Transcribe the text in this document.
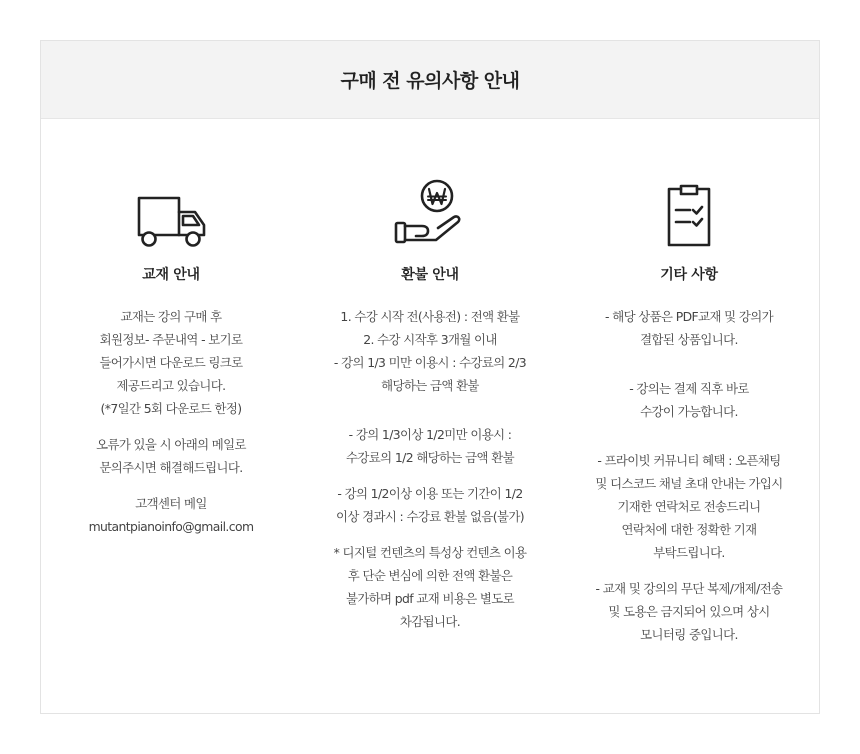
구매 전 유의사항 안내
교재 안내
교재는 강의 구매 후
회원정보- 주문내역 - 보기로
들어가시면 다운로드 링크로
제공드리고 있습니다.
(*7일간 5회 다운로드 한정)
오류가 있을 시 아래의 메일로
문의주시면 해결해드립니다.
고객센터 메일
mutantpianoinfo@gmail.com
환불 안내
1. 수강 시작 전(사용전) : 전액 환불
2. 수강 시작후 3개월 이내
- 강의 1/3 미만 이용시 : 수강료의 2/3
해당하는 금액 환불
- 강의 1/3이상 1/2미만 이용시 :
수강료의 1/2 해당하는 금액 환불
- 강의 1/2이상 이용 또는 기간이 1/2
이상 경과시 : 수강료 환불 없음(불가)
* 디지털 컨텐츠의 특성상 컨텐츠 이용
후 단순 변심에 의한 전액 환불은
불가하며 pdf 교재 비용은 별도로
차감됩니다.
기타 사항
- 해당 상품은 PDF교재 및 강의가
결합된 상품입니다.
- 강의는 결제 직후 바로
수강이 가능합니다.
- 프라이빗 커뮤니티 혜택 : 오픈채팅
및 디스코드 채널 초대 안내는 가입시
기재한 연락처로 전송드리니
연락처에 대한 정확한 기재
부탁드립니다.
- 교재 및 강의의 무단 복제/개제/전송
및 도용은 금지되어 있으며 상시
모니터링 중입니다.
